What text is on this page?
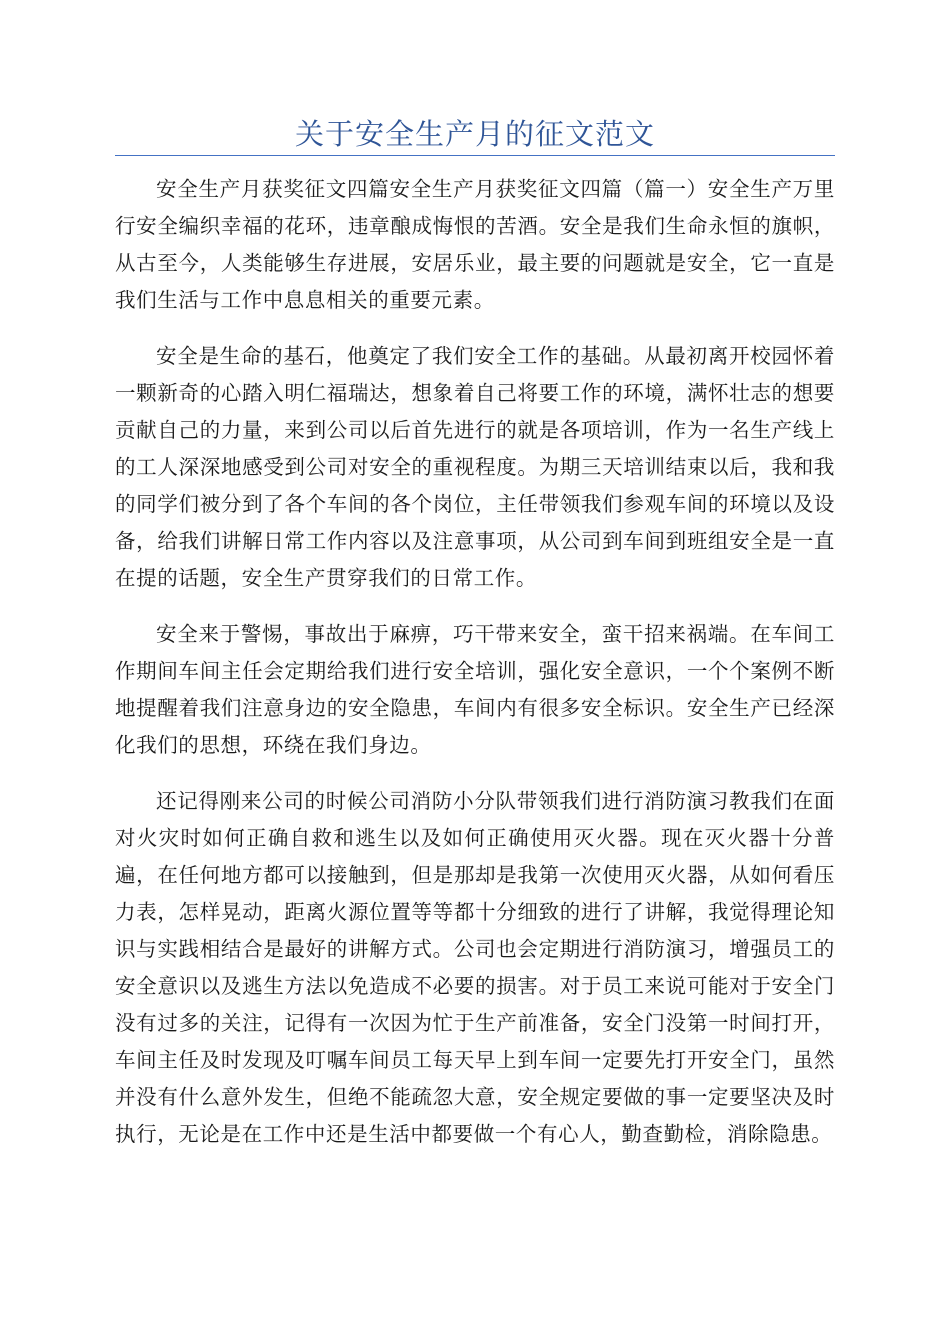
关于安全生产月的征文范文

安全生产月获奖征文四篇安全生产月获奖征文四篇（篇一）安全生产万里行安全编织幸福的花环，违章酿成悔恨的苦酒。安全是我们生命永恒的旗帜，从古至今，人类能够生存进展，安居乐业，最主要的问题就是安全，它一直是我们生活与工作中息息相关的重要元素。

安全是生命的基石，他奠定了我们安全工作的基础。从最初离开校园怀着一颗新奇的心踏入明仁福瑞达，想象着自己将要工作的环境，满怀壮志的想要贡献自己的力量，来到公司以后首先进行的就是各项培训，作为一名生产线上的工人深深地感受到公司对安全的重视程度。为期三天培训结束以后，我和我的同学们被分到了各个车间的各个岗位，主任带领我们参观车间的环境以及设备，给我们讲解日常工作内容以及注意事项，从公司到车间到班组安全是一直在提的话题，安全生产贯穿我们的日常工作。

安全来于警惕，事故出于麻痹，巧干带来安全，蛮干招来祸端。在车间工作期间车间主任会定期给我们进行安全培训，强化安全意识，一个个案例不断地提醒着我们注意身边的安全隐患，车间内有很多安全标识。安全生产已经深化我们的思想，环绕在我们身边。

还记得刚来公司的时候公司消防小分队带领我们进行消防演习教我们在面对火灾时如何正确自救和逃生以及如何正确使用灭火器。现在灭火器十分普遍，在任何地方都可以接触到，但是那却是我第一次使用灭火器，从如何看压力表，怎样晃动，距离火源位置等等都十分细致的进行了讲解，我觉得理论知识与实践相结合是最好的讲解方式。公司也会定期进行消防演习，增强员工的安全意识以及逃生方法以免造成不必要的损害。对于员工来说可能对于安全门没有过多的关注，记得有一次因为忙于生产前准备，安全门没第一时间打开，车间主任及时发现及叮嘱车间员工每天早上到车间一定要先打开安全门，虽然并没有什么意外发生，但绝不能疏忽大意，安全规定要做的事一定要坚决及时执行，无论是在工作中还是生活中都要做一个有心人，勤查勤检，消除隐患。
